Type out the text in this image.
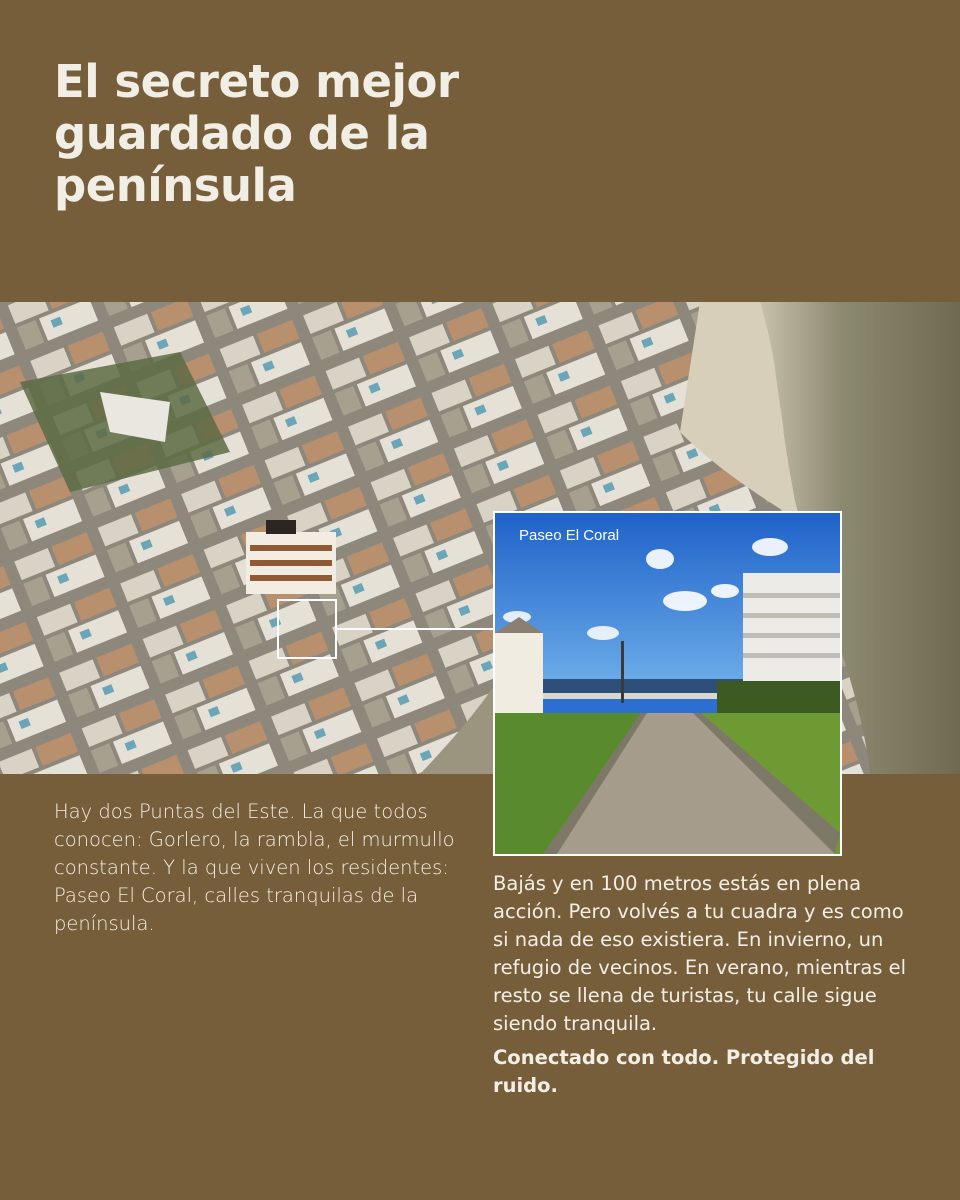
El secreto mejor guardado de la península
Paseo El Coral

Hay dos Puntas del Este. La que todos conocen: Gorlero, la rambla, el murmullo constante. Y la que viven los residentes: Paseo El Coral, calles tranquilas de la península.

Bajás y en 100 metros estás en plena acción. Pero volvés a tu cuadra y es como si nada de eso existiera. En invierno, un refugio de vecinos. En verano, mientras el resto se llena de turistas, tu calle sigue siendo tranquila.

Conectado con todo. Protegido del ruido.
